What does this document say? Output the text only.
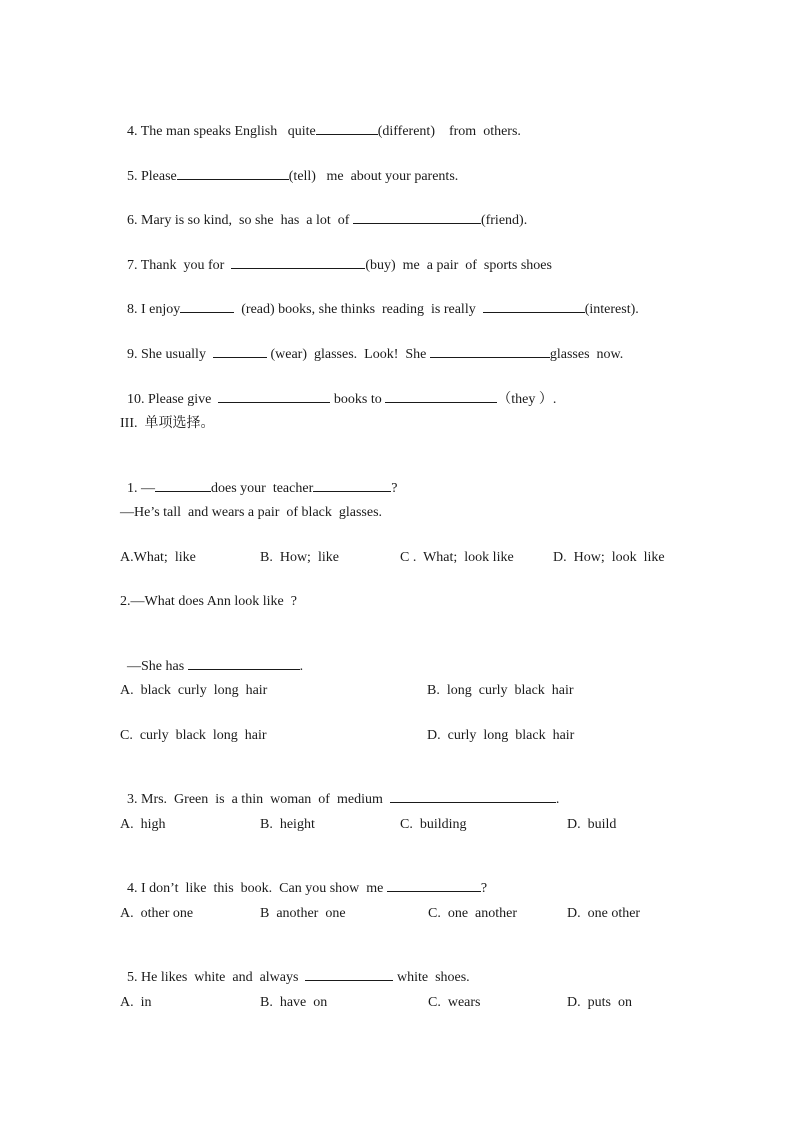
4. The man speaks English   quite	(different)    from  others.

5. Please	(tell)   me  about your parents.

6. Mary is so kind,  so she  has  a lot  of	(friend).

7. Thank  you for	(buy)  me  a pair  of  sports shoes

8. I enjoy	(read) books, she thinks  reading  is really	(interest).

9. She usually	(wear)  glasses.  Look!  She	glasses  now.

10. Please give	books to	（they ）.

III.  单项选择。

1. —	does your  teacher	?

—He’s tall  and wears a pair  of black  glasses.
A.What;  like	B.  How;  like	C .  What;  look like	D.  How;  look  like
2.—What does Ann look like  ?

—She has	.

A.  black  curly  long  hair	B.  long  curly  black  hair
C.  curly  black  long  hair	D.  curly  long  black  hair

3. Mrs.  Green  is  a thin  woman  of  medium	.

A.  high	B.  height	C.  building	D.  build

4. I don’t  like  this  book.  Can you show  me	?

A.  other one	B  another  one	C.  one  another	D.  one other

5. He likes  white  and  always	white  shoes.

A.  in	B.  have  on	C.  wears	D.  puts  on
